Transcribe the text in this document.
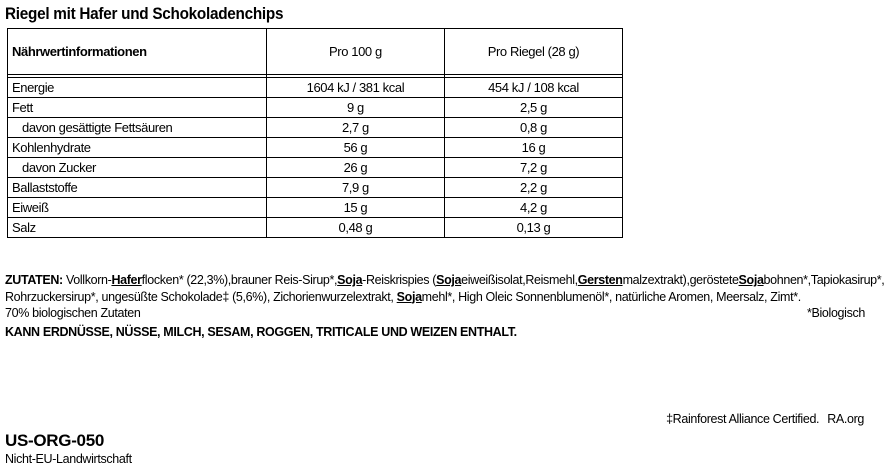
Riegel mit Hafer und Schokoladenchips
Nährwertinformationen	Pro 100 g	Pro Riegel (28 g)

Energie	1604 kJ / 381 kcal	454 kJ / 108 kcal
Fett	9 g	2,5 g
davon gesättigte Fettsäuren	2,7 g	0,8 g
Kohlenhydrate	56 g	16 g
davon Zucker	26 g	7,2 g
Ballaststoffe	7,9 g	2,2 g
Eiweiß	15 g	4,2 g
Salz	0,48 g	0,13 g
ZUTATEN: Vollkorn-Haferflocken* (22,3%), brauner Reis-Sirup*, Soja-Reiskrispies (Sojaeiweißisolat, Reismehl, Gerstenmalzextrakt), geröstete Sojabohnen*, Tapiokasirup*,
Rohrzuckersirup*, ungesüßte Schokolade‡ (5,6%), Zichorienwurzelextrakt, Sojamehl*, High Oleic Sonnenblumenöl*, natürliche Aromen, Meersalz, Zimt*.
70% biologischen Zutaten	*Biologisch
KANN ERDNÜSSE, NÜSSE, MILCH, SESAM, ROGGEN, TRITICALE UND WEIZEN ENTHALT.
‡Rainforest Alliance Certified. RA.org
US-ORG-050
Nicht-EU-Landwirtschaft
